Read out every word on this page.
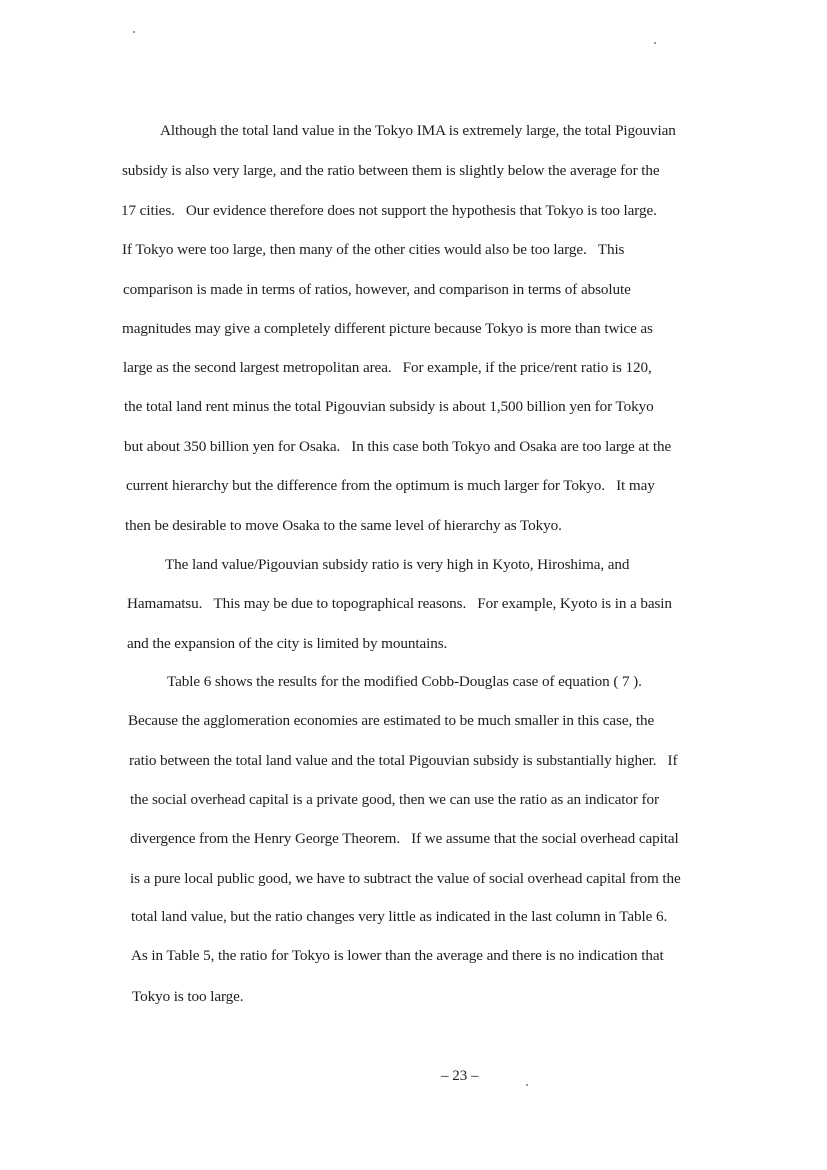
Although the total land value in the Tokyo IMA is extremely large, the total Pigouvian
subsidy is also very large, and the ratio between them is slightly below the average for the
17 cities.   Our evidence therefore does not support the hypothesis that Tokyo is too large.
If Tokyo were too large, then many of the other cities would also be too large.   This
comparison is made in terms of ratios, however, and comparison in terms of absolute
magnitudes may give a completely different picture because Tokyo is more than twice as
large as the second largest metropolitan area.   For example, if the price/rent ratio is 120,
the total land rent minus the total Pigouvian subsidy is about 1,500 billion yen for Tokyo
but about 350 billion yen for Osaka.   In this case both Tokyo and Osaka are too large at the
current hierarchy but the difference from the optimum is much larger for Tokyo.   It may
then be desirable to move Osaka to the same level of hierarchy as Tokyo.
The land value/Pigouvian subsidy ratio is very high in Kyoto, Hiroshima, and
Hamamatsu.   This may be due to topographical reasons.   For example, Kyoto is in a basin
and the expansion of the city is limited by mountains.
Table 6 shows the results for the modified Cobb-Douglas case of equation ( 7 ).
Because the agglomeration economies are estimated to be much smaller in this case, the
ratio between the total land value and the total Pigouvian subsidy is substantially higher.   If
the social overhead capital is a private good, then we can use the ratio as an indicator for
divergence from the Henry George Theorem.   If we assume that the social overhead capital
is a pure local public good, we have to subtract the value of social overhead capital from the
total land value, but the ratio changes very little as indicated in the last column in Table 6.
As in Table 5, the ratio for Tokyo is lower than the average and there is no indication that
Tokyo is too large.
– 23 –
